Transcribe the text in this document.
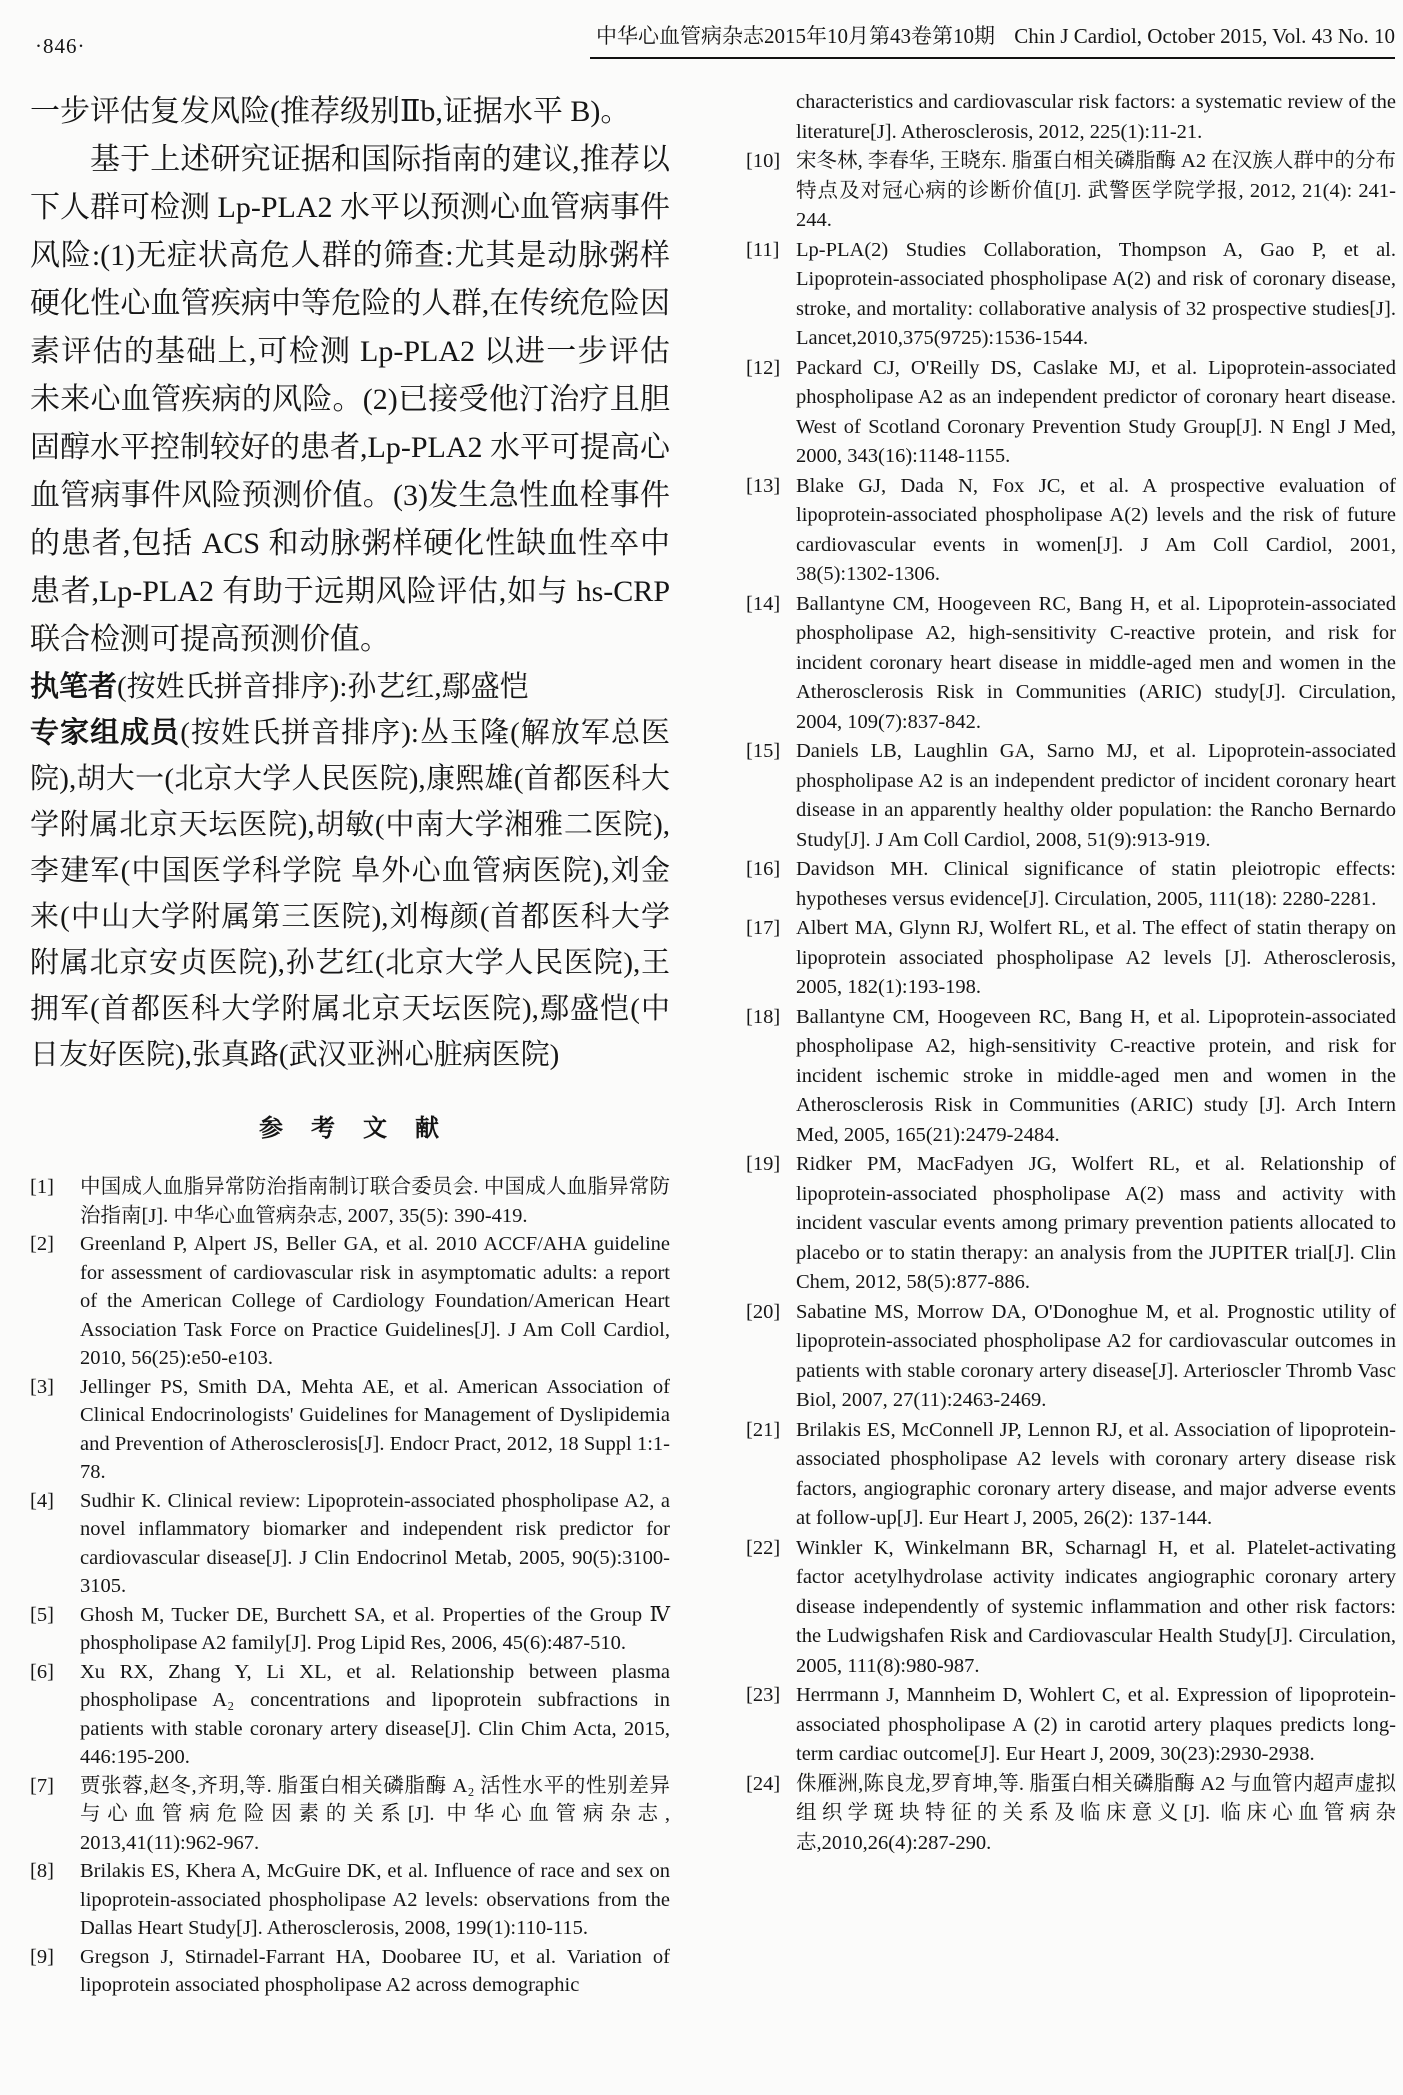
·846·	中华心血管病杂志2015年10月第43卷第10期 Chin J Cardiol, October 2015, Vol. 43 No. 10

一步评估复发风险(推荐级别Ⅱb,证据水平 B)。

基于上述研究证据和国际指南的建议,推荐以下人群可检测 Lp-PLA2 水平以预测心血管病事件风险:(1)无症状高危人群的筛查:尤其是动脉粥样硬化性心血管疾病中等危险的人群,在传统危险因素评估的基础上,可检测 Lp-PLA2 以进一步评估未来心血管疾病的风险。(2)已接受他汀治疗且胆固醇水平控制较好的患者,Lp-PLA2 水平可提高心血管病事件风险预测价值。(3)发生急性血栓事件的患者,包括 ACS 和动脉粥样硬化性缺血性卒中患者,Lp-PLA2 有助于远期风险评估,如与 hs-CRP 联合检测可提高预测价值。

执笔者(按姓氏拼音排序):孙艺红,鄢盛恺

专家组成员(按姓氏拼音排序):丛玉隆(解放军总医院),胡大一(北京大学人民医院),康熙雄(首都医科大学附属北京天坛医院),胡敏(中南大学湘雅二医院),李建军(中国医学科学院 阜外心血管病医院),刘金来(中山大学附属第三医院),刘梅颜(首都医科大学附属北京安贞医院),孙艺红(北京大学人民医院),王拥军(首都医科大学附属北京天坛医院),鄢盛恺(中日友好医院),张真路(武汉亚洲心脏病医院)

参　考　文　献
[1]	中国成人血脂异常防治指南制订联合委员会. 中国成人血脂异常防治指南[J]. 中华心血管病杂志, 2007, 35(5): 390-419.
[2]	Greenland P, Alpert JS, Beller GA, et al. 2010 ACCF/AHA guideline for assessment of cardiovascular risk in asymptomatic adults: a report of the American College of Cardiology Foundation/American Heart Association Task Force on Practice Guidelines[J]. J Am Coll Cardiol, 2010, 56(25):e50-e103.
[3]	Jellinger PS, Smith DA, Mehta AE, et al. American Association of Clinical Endocrinologists' Guidelines for Management of Dyslipidemia and Prevention of Atherosclerosis[J]. Endocr Pract, 2012, 18 Suppl 1:1-78.
[4]	Sudhir K. Clinical review: Lipoprotein-associated phospholipase A2, a novel inflammatory biomarker and independent risk predictor for cardiovascular disease[J]. J Clin Endocrinol Metab, 2005, 90(5):3100-3105.
[5]	Ghosh M, Tucker DE, Burchett SA, et al. Properties of the Group Ⅳ phospholipase A2 family[J]. Prog Lipid Res, 2006, 45(6):487-510.
[6]	Xu RX, Zhang Y, Li XL, et al. Relationship between plasma phospholipase A₂ concentrations and lipoprotein subfractions in patients with stable coronary artery disease[J]. Clin Chim Acta, 2015, 446:195-200.
[7]	贾张蓉,赵冬,齐玥,等. 脂蛋白相关磷脂酶 A₂ 活性水平的性别差异与心血管病危险因素的关系[J]. 中华心血管病杂志, 2013,41(11):962-967.
[8]	Brilakis ES, Khera A, McGuire DK, et al. Influence of race and sex on lipoprotein-associated phospholipase A2 levels: observations from the Dallas Heart Study[J]. Atherosclerosis, 2008, 199(1):110-115.
[9]	Gregson J, Stirnadel-Farrant HA, Doobaree IU, et al. Variation of lipoprotein associated phospholipase A2 across demographic

characteristics and cardiovascular risk factors: a systematic review of the literature[J]. Atherosclerosis, 2012, 225(1):11-21.

[10] 宋冬林, 李春华, 王晓东. 脂蛋白相关磷脂酶 A2 在汉族人群中的分布特点及对冠心病的诊断价值[J]. 武警医学院学报, 2012, 21(4): 241-244.
[11] Lp-PLA(2) Studies Collaboration, Thompson A, Gao P, et al. Lipoprotein-associated phospholipase A(2) and risk of coronary disease, stroke, and mortality: collaborative analysis of 32 prospective studies[J]. Lancet,2010,375(9725):1536-1544.
[12] Packard CJ, O'Reilly DS, Caslake MJ, et al. Lipoprotein-associated phospholipase A2 as an independent predictor of coronary heart disease. West of Scotland Coronary Prevention Study Group[J]. N Engl J Med, 2000, 343(16):1148-1155.
[13] Blake GJ, Dada N, Fox JC, et al. A prospective evaluation of lipoprotein-associated phospholipase A(2) levels and the risk of future cardiovascular events in women[J]. J Am Coll Cardiol, 2001, 38(5):1302-1306.
[14] Ballantyne CM, Hoogeveen RC, Bang H, et al. Lipoprotein-associated phospholipase A2, high-sensitivity C-reactive protein, and risk for incident coronary heart disease in middle-aged men and women in the Atherosclerosis Risk in Communities (ARIC) study[J]. Circulation, 2004, 109(7):837-842.
[15] Daniels LB, Laughlin GA, Sarno MJ, et al. Lipoprotein-associated phospholipase A2 is an independent predictor of incident coronary heart disease in an apparently healthy older population: the Rancho Bernardo Study[J]. J Am Coll Cardiol, 2008, 51(9):913-919.
[16] Davidson MH. Clinical significance of statin pleiotropic effects: hypotheses versus evidence[J]. Circulation, 2005, 111(18): 2280-2281.
[17] Albert MA, Glynn RJ, Wolfert RL, et al. The effect of statin therapy on lipoprotein associated phospholipase A2 levels [J]. Atherosclerosis, 2005, 182(1):193-198.
[18] Ballantyne CM, Hoogeveen RC, Bang H, et al. Lipoprotein-associated phospholipase A2, high-sensitivity C-reactive protein, and risk for incident ischemic stroke in middle-aged men and women in the Atherosclerosis Risk in Communities (ARIC) study [J]. Arch Intern Med, 2005, 165(21):2479-2484.
[19] Ridker PM, MacFadyen JG, Wolfert RL, et al. Relationship of lipoprotein-associated phospholipase A(2) mass and activity with incident vascular events among primary prevention patients allocated to placebo or to statin therapy: an analysis from the JUPITER trial[J]. Clin Chem, 2012, 58(5):877-886.
[20] Sabatine MS, Morrow DA, O'Donoghue M, et al. Prognostic utility of lipoprotein-associated phospholipase A2 for cardiovascular outcomes in patients with stable coronary artery disease[J]. Arterioscler Thromb Vasc Biol, 2007, 27(11):2463-2469.
[21] Brilakis ES, McConnell JP, Lennon RJ, et al. Association of lipoprotein-associated phospholipase A2 levels with coronary artery disease risk factors, angiographic coronary artery disease, and major adverse events at follow-up[J]. Eur Heart J, 2005, 26(2): 137-144.
[22] Winkler K, Winkelmann BR, Scharnagl H, et al. Platelet-activating factor acetylhydrolase activity indicates angiographic coronary artery disease independently of systemic inflammation and other risk factors: the Ludwigshafen Risk and Cardiovascular Health Study[J]. Circulation, 2005, 111(8):980-987.
[23] Herrmann J, Mannheim D, Wohlert C, et al. Expression of lipoprotein-associated phospholipase A (2) in carotid artery plaques predicts long-term cardiac outcome[J]. Eur Heart J, 2009, 30(23):2930-2938.
[24] 侏雁洲,陈良龙,罗育坤,等. 脂蛋白相关磷脂酶 A2 与血管内超声虚拟组织学斑块特征的关系及临床意义[J]. 临床心血管病杂志,2010,26(4):287-290.
